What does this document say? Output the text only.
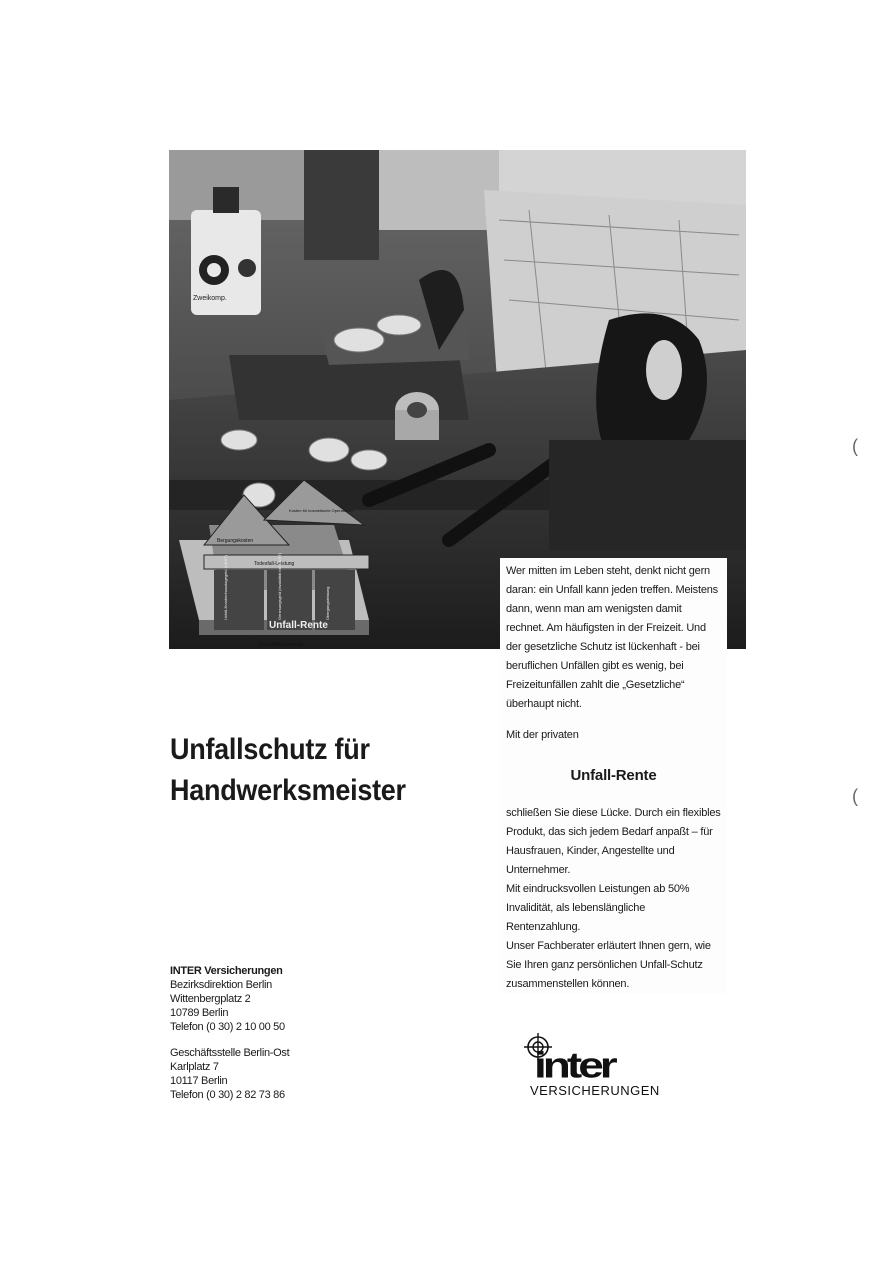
Zweikomp.
Bergungskosten
Kosten für kosmetische Operationen
Todesfall-Leistung
Unfall-Rente
Invaliditäts-Leistung
Unfall-Krankenhaustagegeld (UKHT)	Genesungsgeld (Invalidität bei UKHT)	Übergangsleistung

Wer mitten im Leben steht, denkt nicht gern daran: ein Unfall kann jeden treffen. Meistens dann, wenn man am wenigsten damit rechnet. Am häufigsten in der Freizeit. Und der gesetzliche Schutz ist lückenhaft - bei beruflichen Unfällen gibt es wenig, bei Freizeitunfällen zahlt die „Gesetzliche“ überhaupt nicht.

Mit der privaten

Unfall-Rente

schließen Sie diese Lücke. Durch ein flexibles Produkt, das sich jedem Bedarf anpaßt – für Hausfrauen, Kinder, Angestellte und Unternehmer.

Mit eindrucksvollen Leistungen ab 50% Invalidität, als lebenslängliche Rentenzahlung.

Unser Fachberater erläutert Ihnen gern, wie Sie Ihren ganz persönlichen Unfall-Schutz zusammenstellen können.

Unfallschutz für
Handwerksmeister
INTER Versicherungen
Bezirksdirektion Berlin
Wittenbergplatz 2
10789 Berlin
Telefon (0 30) 2 10 00 50
Geschäftsstelle Berlin-Ost
Karlplatz 7
10117 Berlin
Telefon (0 30) 2 82 73 86
inter
VERSICHERUNGEN
(
(
